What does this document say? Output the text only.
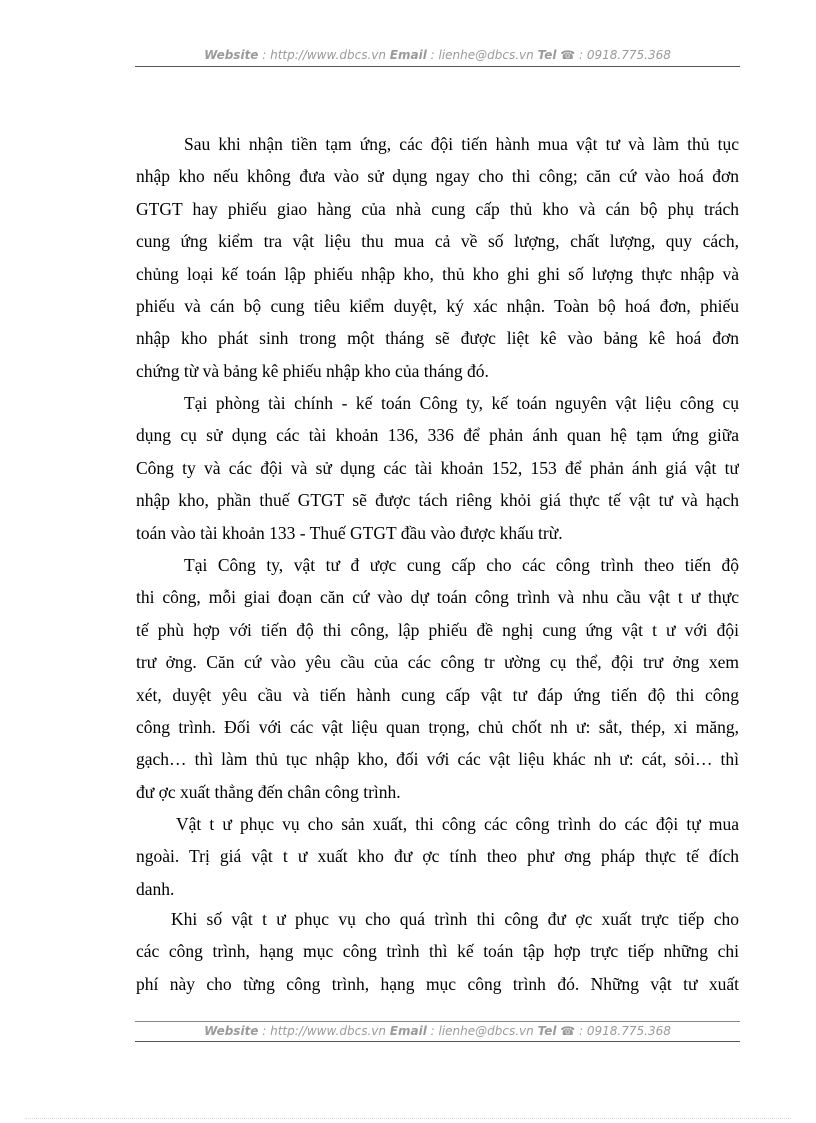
Website : http://www.dbcs.vn Email : lienhe@dbcs.vn Tel ☎ : 0918.775.368
Sau khi nhận tiền tạm ứng, các đội tiến hành mua vật tư và làm thủ tục
nhập kho nếu không đưa vào sử dụng ngay cho thi công; căn cứ vào hoá đơn
GTGT hay phiếu giao hàng của nhà cung cấp thủ kho và cán bộ phụ trách
cung ứng kiểm tra vật liệu thu mua cả về số lượng, chất lượng, quy cách,
chủng loại kế toán lập phiếu nhập kho, thủ kho ghi ghi số lượng thực nhập và
phiếu và cán bộ cung tiêu kiểm duyệt, ký xác nhận. Toàn bộ hoá đơn, phiếu
nhập kho phát sinh trong một tháng sẽ được liệt kê vào bảng kê hoá đơn
chứng từ và bảng kê phiếu nhập kho của tháng đó.
Tại phòng tài chính - kế toán Công ty, kế toán nguyên vật liệu công cụ
dụng cụ sử dụng các tài khoản 136, 336 để phản ánh quan hệ tạm ứng giữa
Công ty và các đội và sử dụng các tài khoản 152, 153 để phản ánh giá vật tư
nhập kho, phần thuế GTGT sẽ được tách riêng khỏi giá thực tế vật tư và hạch
toán vào tài khoản 133 - Thuế GTGT đầu vào được khấu trừ.
Tại Công ty, vật tư đ ược cung cấp cho các công trình theo tiến độ
thi công, mỗi giai đoạn căn cứ vào dự toán công trình và nhu cầu vật t ư thực
tế phù hợp với tiến độ thi công, lập phiếu đề nghị cung ứng vật t ư với đội
trư ởng. Căn cứ vào yêu cầu của các công tr ường cụ thể, đội trư ởng xem
xét, duyệt yêu cầu và tiến hành cung cấp vật tư đáp ứng tiến độ thi công
công trình. Đối với các vật liệu quan trọng, chủ chốt nh ư: sắt, thép, xi măng,
gạch… thì làm thủ tục nhập kho, đối với các vật liệu khác nh ư: cát, sỏi… thì
đư ợc xuất thẳng đến chân công trình.
Vật t ư phục vụ cho sản xuất, thi công các công trình do các đội tự mua
ngoài. Trị giá vật t ư xuất kho đư ợc tính theo phư ơng pháp thực tế đích
danh.
Khi số vật t ư phục vụ cho quá trình thi công đư ợc xuất trực tiếp cho
các công trình, hạng mục công trình thì kế toán tập hợp trực tiếp những chi
phí này cho từng công trình, hạng mục công trình đó. Những vật tư xuất
Website : http://www.dbcs.vn Email : lienhe@dbcs.vn Tel ☎ : 0918.775.368
